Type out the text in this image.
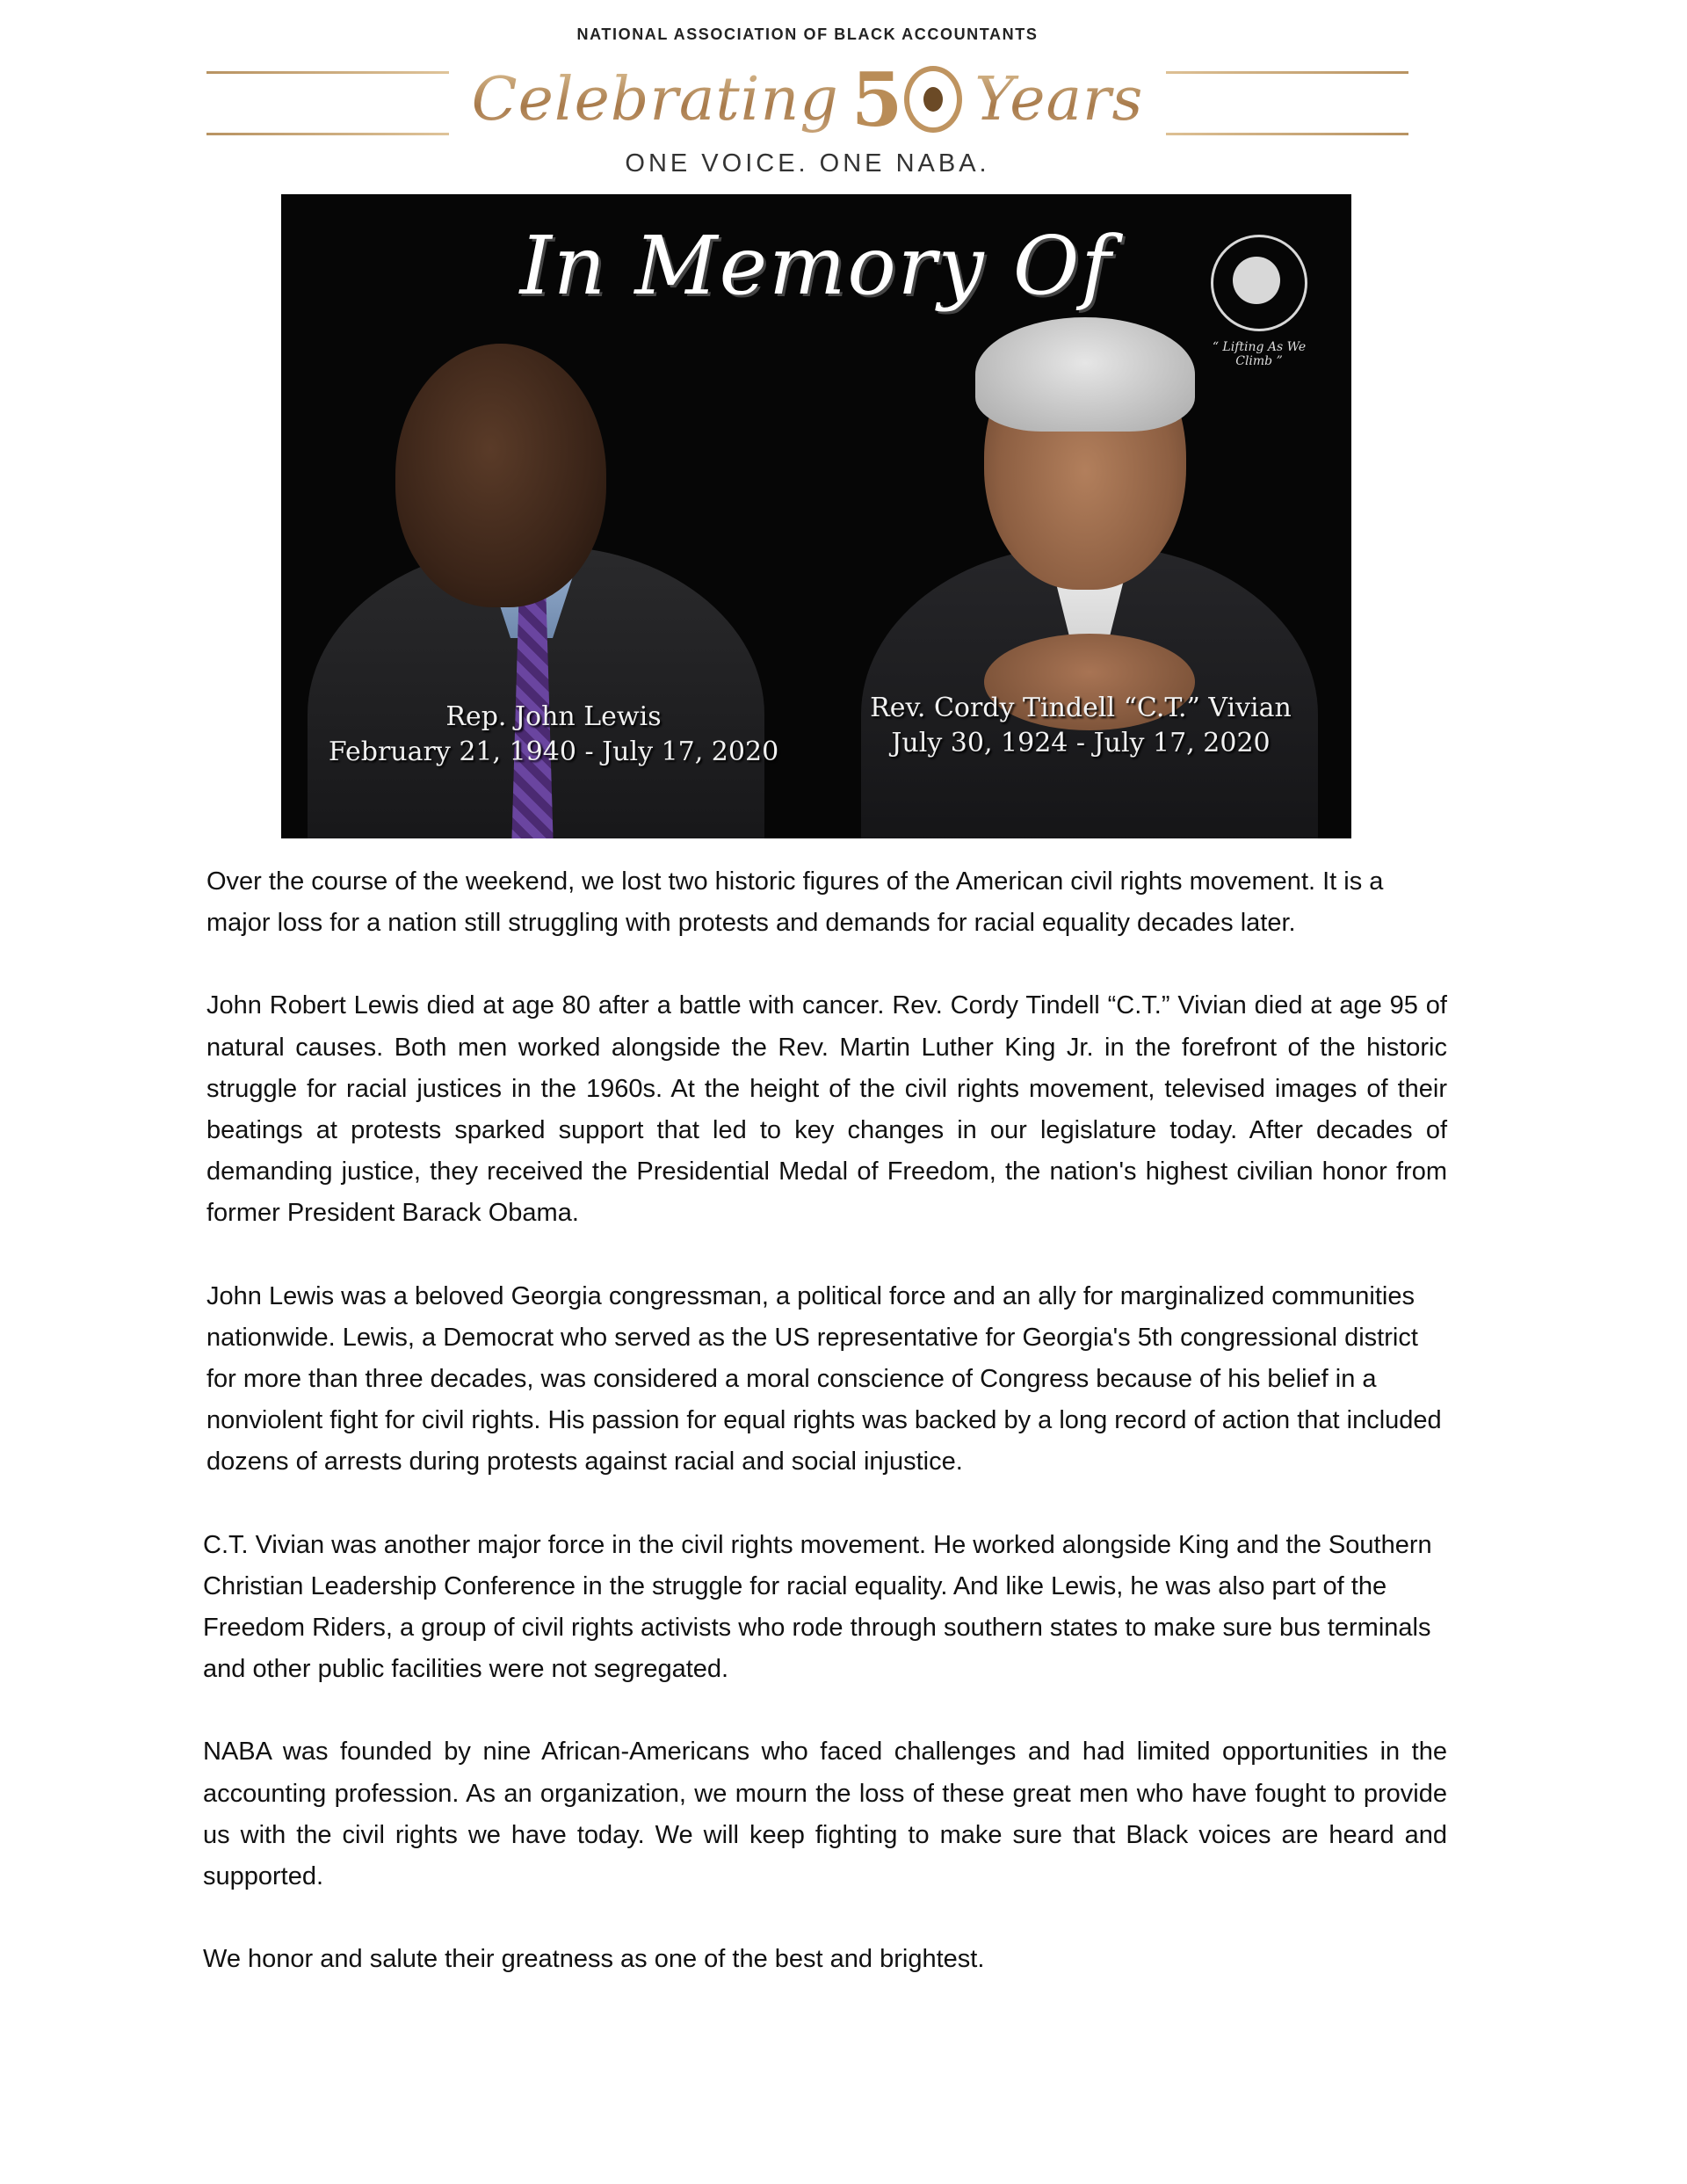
NATIONAL ASSOCIATION OF BLACK ACCOUNTANTS
Celebrating 5 Years
ONE VOICE. ONE NABA.
In Memory Of
“ Lifting As We Climb ”
Rep. John Lewis
February 21, 1940 - July 17, 2020
Rev. Cordy Tindell “C.T.” Vivian
July 30, 1924 - July 17, 2020

Over the course of the weekend, we lost two historic figures of the American civil rights movement. It is a major loss for a nation still struggling with protests and demands for racial equality decades later.

John Robert Lewis died at age 80 after a battle with cancer. Rev. Cordy Tindell “C.T.” Vivian died at age 95 of natural causes. Both men worked alongside the Rev. Martin Luther King Jr. in the forefront of the historic struggle for racial justices in the 1960s. At the height of the civil rights movement, televised images of their beatings at protests sparked support that led to key changes in our legislature today. After decades of demanding justice, they received the Presidential Medal of Freedom, the nation's highest civilian honor from former President Barack Obama.

John Lewis was a beloved Georgia congressman, a political force and an ally for marginalized communities nationwide. Lewis, a Democrat who served as the US representative for Georgia's 5th congressional district for more than three decades, was considered a moral conscience of Congress because of his belief in a nonviolent fight for civil rights. His passion for equal rights was backed by a long record of action that included dozens of arrests during protests against racial and social injustice.

C.T. Vivian was another major force in the civil rights movement. He worked alongside King and the Southern Christian Leadership Conference in the struggle for racial equality. And like Lewis, he was also part of the Freedom Riders, a group of civil rights activists who rode through southern states to make sure bus terminals and other public facilities were not segregated.

NABA was founded by nine African-Americans who faced challenges and had limited opportunities in the accounting profession. As an organization, we mourn the loss of these great men who have fought to provide us with the civil rights we have today. We will keep fighting to make sure that Black voices are heard and supported.

We honor and salute their greatness as one of the best and brightest.
